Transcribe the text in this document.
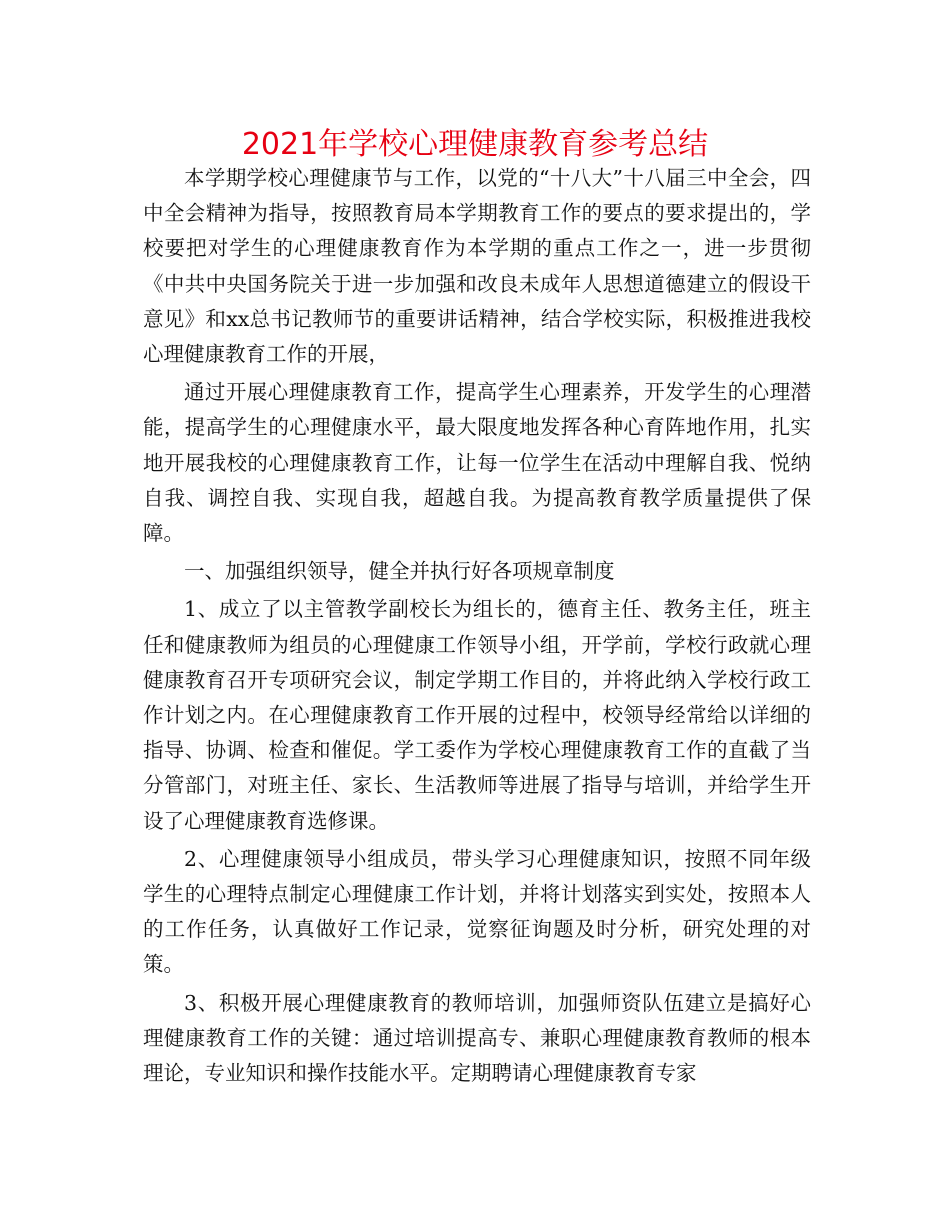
2021年学校心理健康教育参考总结

本学期学校心理健康节与工作，以党的“十八大”十八届三中全会，四中全会精神为指导，按照教育局本学期教育工作的要点的要求提出的，学校要把对学生的心理健康教育作为本学期的重点工作之一，进一步贯彻《中共中央国务院关于进一步加强和改良未成年人思想道德建立的假设干意见》和xx总书记教师节的重要讲话精神，结合学校实际，积极推进我校心理健康教育工作的开展，

通过开展心理健康教育工作，提高学生心理素养，开发学生的心理潜能，提高学生的心理健康水平，最大限度地发挥各种心育阵地作用，扎实地开展我校的心理健康教育工作，让每一位学生在活动中理解自我、悦纳自我、调控自我、实现自我，超越自我。为提高教育教学质量提供了保障。

一、加强组织领导，健全并执行好各项规章制度

1、成立了以主管教学副校长为组长的，德育主任、教务主任，班主任和健康教师为组员的心理健康工作领导小组，开学前，学校行政就心理健康教育召开专项研究会议，制定学期工作目的，并将此纳入学校行政工作计划之内。在心理健康教育工作开展的过程中，校领导经常给以详细的指导、协调、检查和催促。学工委作为学校心理健康教育工作的直截了当分管部门，对班主任、家长、生活教师等进展了指导与培训，并给学生开设了心理健康教育选修课。

2、心理健康领导小组成员，带头学习心理健康知识，按照不同年级学生的心理特点制定心理健康工作计划，并将计划落实到实处，按照本人的工作任务，认真做好工作记录，觉察征询题及时分析，研究处理的对策。

3、积极开展心理健康教育的教师培训，加强师资队伍建立是搞好心理健康教育工作的关键：通过培训提高专、兼职心理健康教育教师的根本理论，专业知识和操作技能水平。定期聘请心理健康教育专家
